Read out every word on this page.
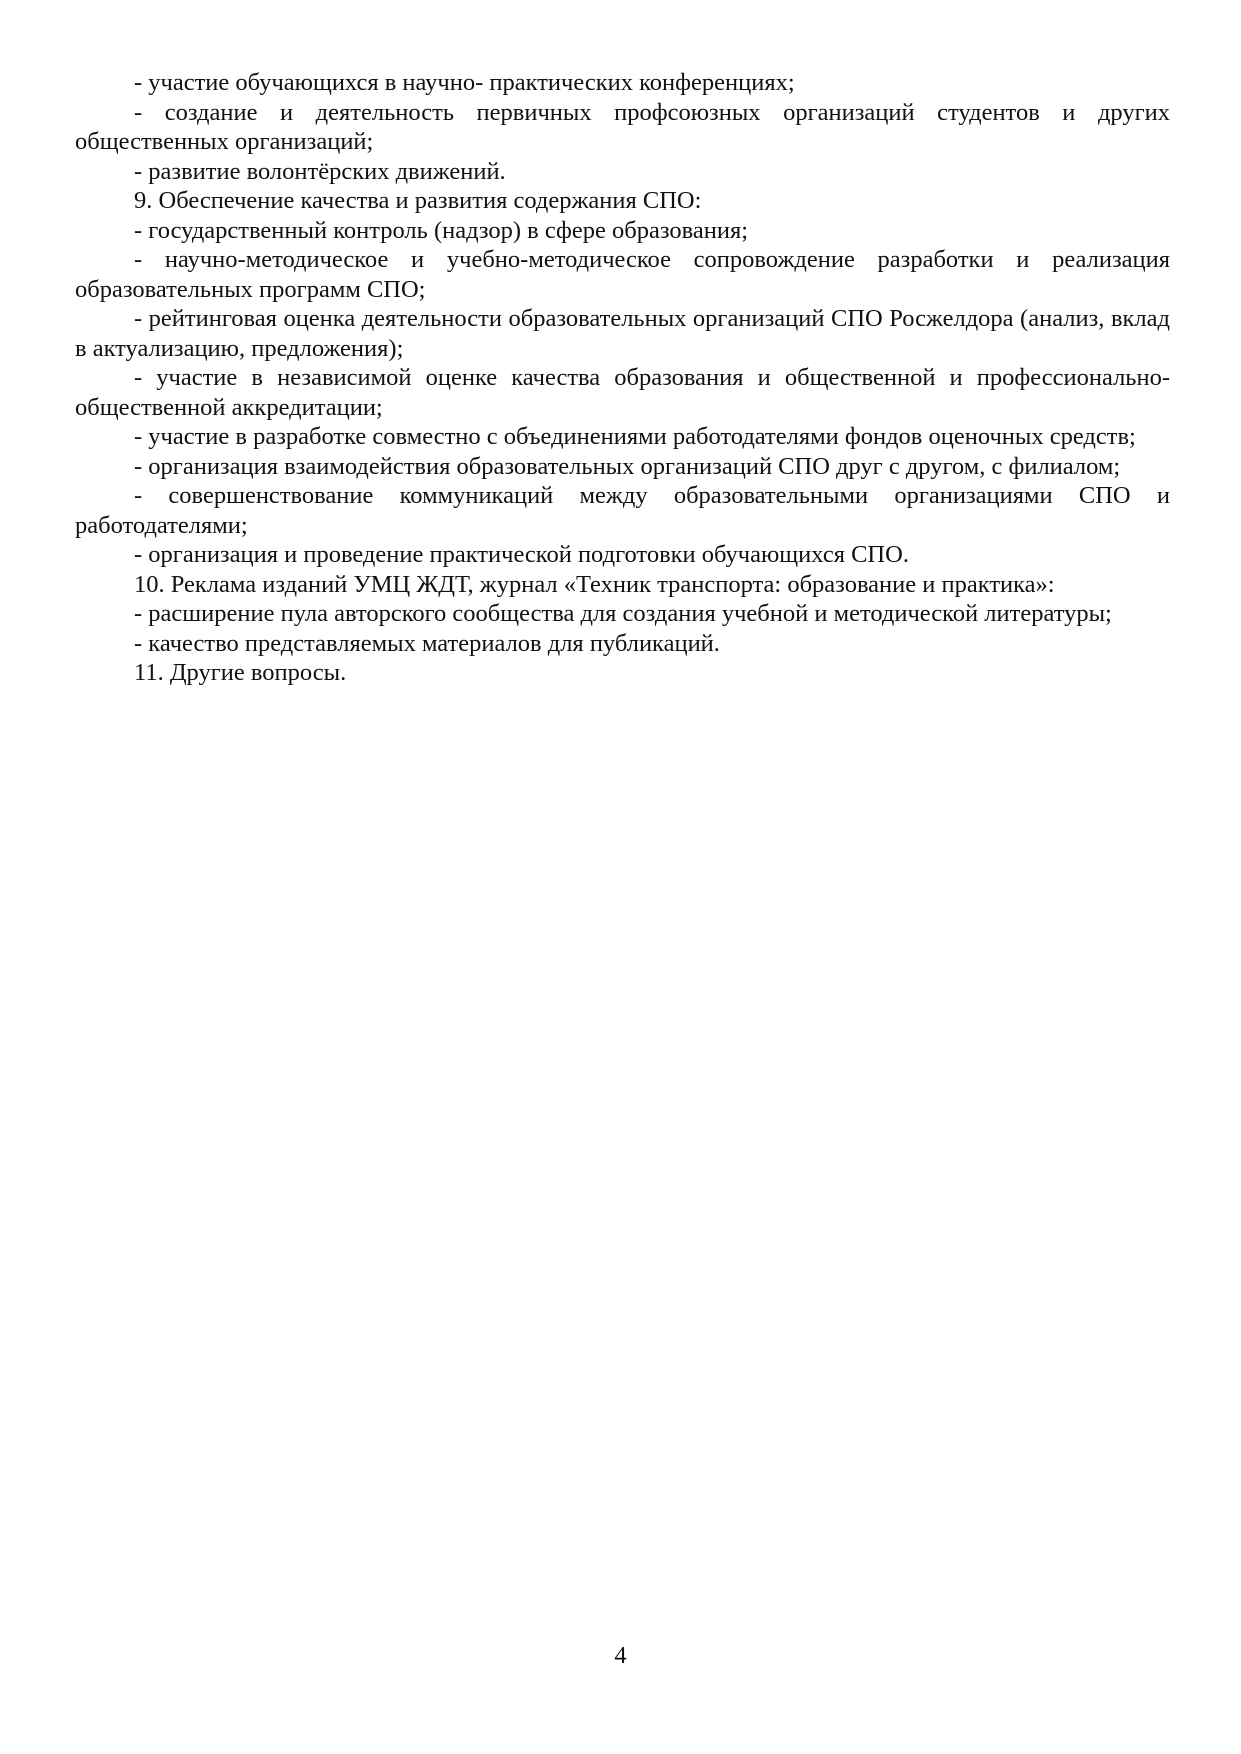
- участие обучающихся в научно- практических конференциях;

- создание и деятельность первичных профсоюзных организаций студентов и других общественных организаций;

- развитие волонтёрских движений.

9. Обеспечение качества и развития содержания СПО:

- государственный контроль (надзор) в сфере образования;

- научно-методическое и учебно-методическое сопровождение разработки и реализация образовательных программ СПО;

- рейтинговая оценка деятельности образовательных организаций СПО Росжелдора (анализ, вклад в актуализацию, предложения);

- участие в независимой оценке качества образования и общественной и профессионально-общественной аккредитации;

- участие в разработке совместно с объединениями работодателями фондов оценочных средств;

- организация взаимодействия образовательных организаций СПО друг с другом, с филиалом;

- совершенствование коммуникаций между образовательными организациями СПО и работодателями;

- организация и проведение практической подготовки обучающихся СПО.

10. Реклама изданий УМЦ ЖДТ, журнал «Техник транспорта: образование и практика»:

- расширение пула авторского сообщества для создания учебной и методической литературы;

- качество представляемых материалов для публикаций.

11. Другие вопросы.

4
